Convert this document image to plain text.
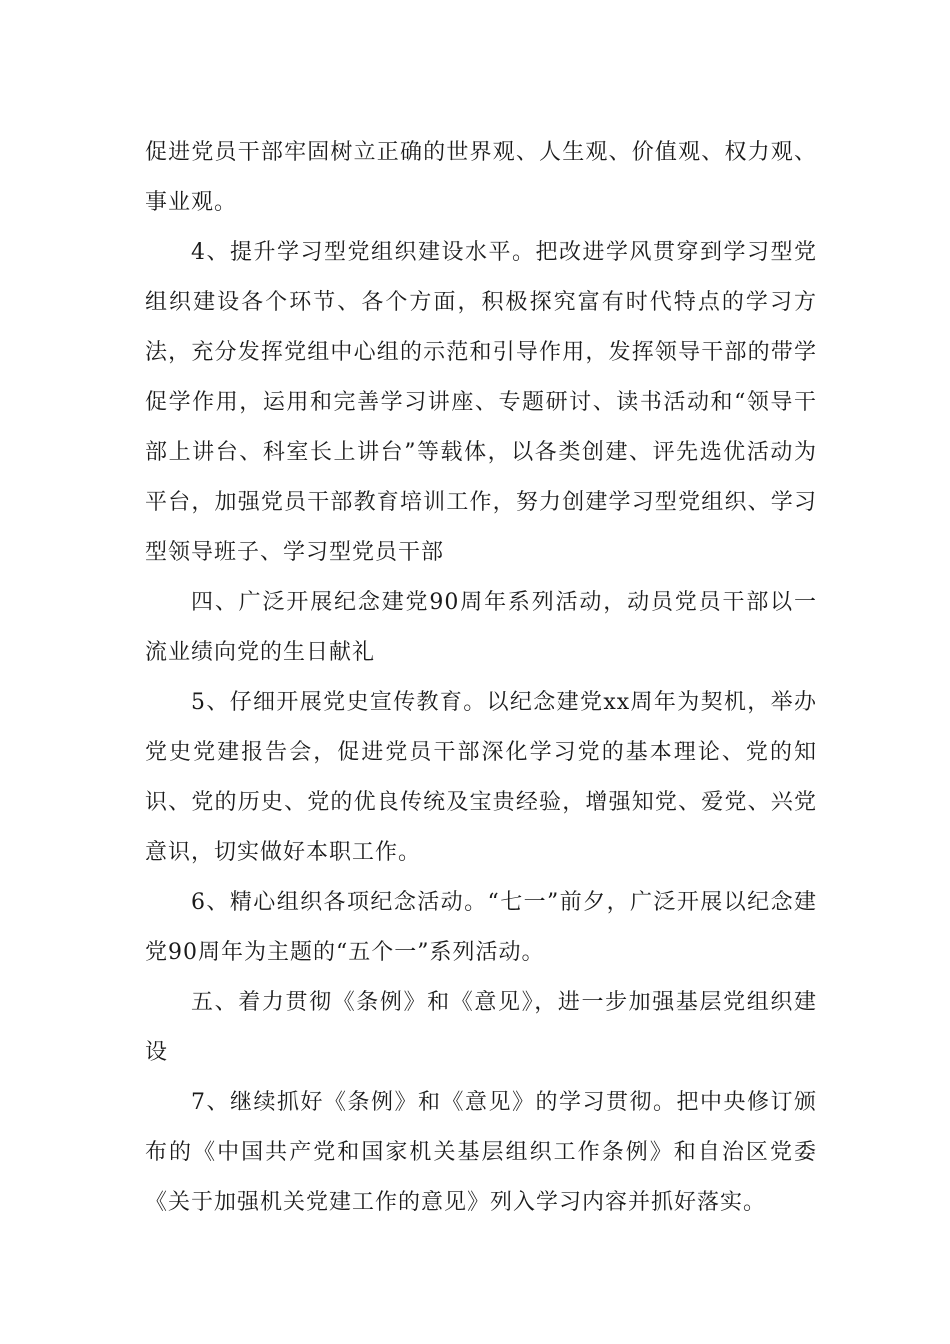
促进党员干部牢固树立正确的世界观、人生观、价值观、权力观、事业观。

4、提升学习型党组织建设水平。把改进学风贯穿到学习型党组织建设各个环节、各个方面，积极探究富有时代特点的学习方法，充分发挥党组中心组的示范和引导作用，发挥领导干部的带学促学作用，运用和完善学习讲座、专题研讨、读书活动和“领导干部上讲台、科室长上讲台”等载体，以各类创建、评先选优活动为平台，加强党员干部教育培训工作，努力创建学习型党组织、学习型领导班子、学习型党员干部

四、广泛开展纪念建党90周年系列活动，动员党员干部以一流业绩向党的生日献礼

5、仔细开展党史宣传教育。以纪念建党xx周年为契机，举办党史党建报告会，促进党员干部深化学习党的基本理论、党的知识、党的历史、党的优良传统及宝贵经验，增强知党、爱党、兴党意识，切实做好本职工作。

6、精心组织各项纪念活动。“七一”前夕，广泛开展以纪念建党90周年为主题的“五个一”系列活动。

五、着力贯彻《条例》和《意见》，进一步加强基层党组织建设

7、继续抓好《条例》和《意见》的学习贯彻。把中央修订颁布的《中国共产党和国家机关基层组织工作条例》和自治区党委《关于加强机关党建工作的意见》列入学习内容并抓好落实。
